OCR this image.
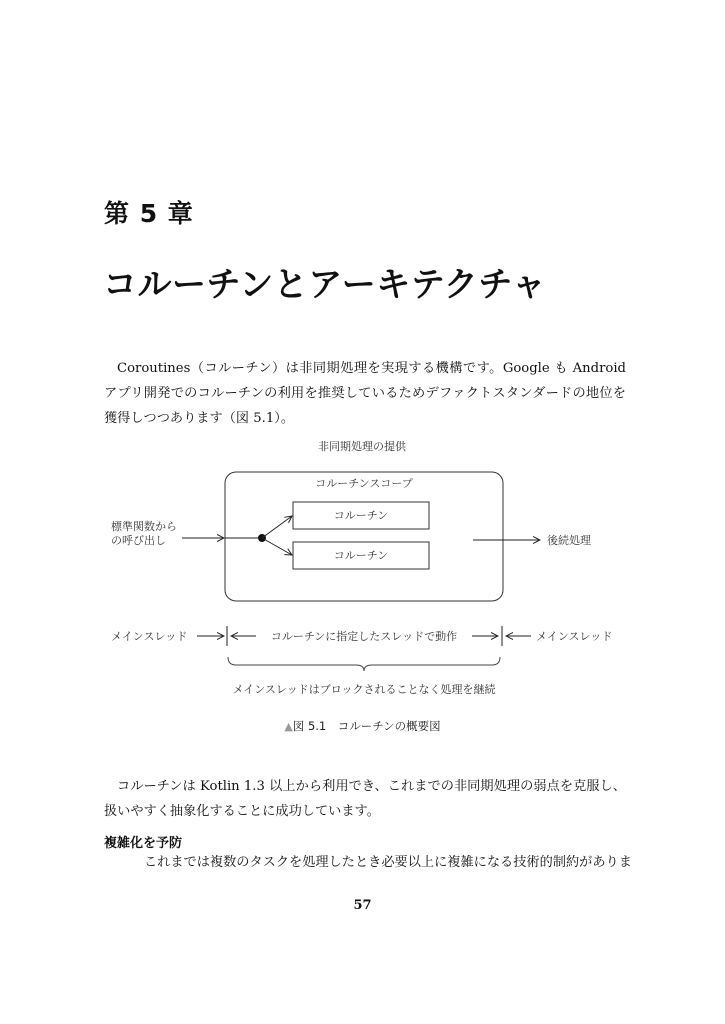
第 5 章
コルーチンとアーキテクチャ
Coroutines（コルーチン）は非同期処理を実現する機構です。Google も Android アプリ開発でのコルーチンの利用を推奨しているためデファクトスタンダードの地位を獲得しつつあります（図 5.1）。
非同期処理の提供
コルーチンスコープ
コルーチン
コルーチン
標準関数から
の呼び出し	後続処理
メインスレッド	コルーチンに指定したスレッドで動作	メインスレッド
メインスレッドはブロックされることなく処理を継続
▲図 5.1　コルーチンの概要図
コルーチンは Kotlin 1.3 以上から利用でき、これまでの非同期処理の弱点を克服し、扱いやすく抽象化することに成功しています。
複雑化を予防
これまでは複数のタスクを処理したとき必要以上に複雑になる技術的制約がありま
57
